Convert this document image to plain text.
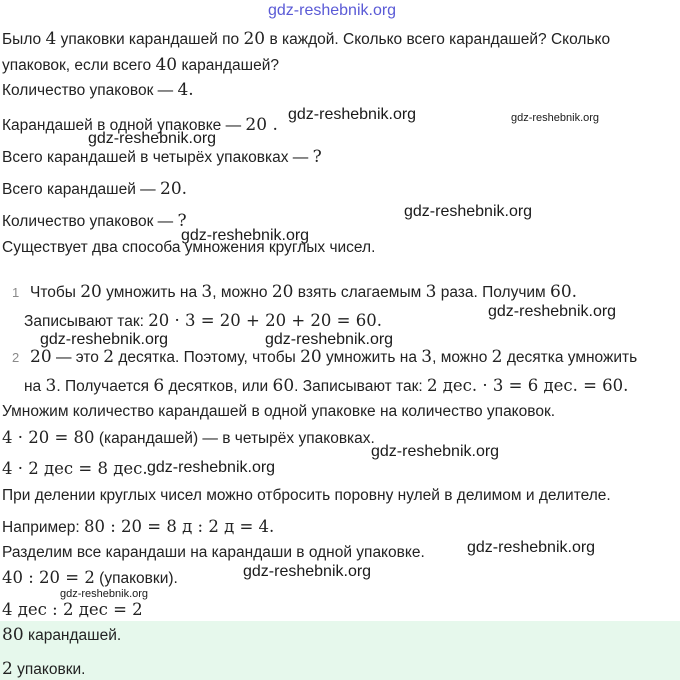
gdz-reshebnik.org
Было 4 упаковки карандашей по 20 в каждой. Сколько всего карандашей? Сколько
упаковок, если всего 40 карандашей?
Количество упаковок — 4.
Карандашей в одной упаковке — 20 .
Всего карандашей в четырёх упаковках — ?
Всего карандашей — 20.
Количество упаковок — ?
Существует два способа умножения круглых чисел.
1 Чтобы 20 умножить на 3, можно 20 взять слагаемым 3 раза. Получим 60.
Записывают так: 20 · 3 = 20 + 20 + 20 = 60.
2 20 — это 2 десятка. Поэтому, чтобы 20 умножить на 3, можно 2 десятка умножить
на 3. Получается 6 десятков, или 60. Записывают так: 2 дес. · 3 = 6 дес. = 60.
Умножим количество карандашей в одной упаковке на количество упаковок.
4 · 20 = 80 (карандашей) — в четырёх упаковках.
4 · 2 дес = 8 дес.
При делении круглых чисел можно отбросить поровну нулей в делимом и делителе.
Например: 80 : 20 = 8 д : 2 д = 4.
Разделим все карандаши на карандаши в одной упаковке.
40 : 20 = 2 (упаковки).
4 дес : 2 дес = 2
80 карандашей.
2 упаковки.
gdz-reshebnik.org	gdz-reshebnik.org
gdz-reshebnik.org
gdz-reshebnik.org
gdz-reshebnik.org
gdz-reshebnik.org
gdz-reshebnik.org	gdz-reshebnik.org
gdz-reshebnik.org
gdz-reshebnik.org
gdz-reshebnik.org
gdz-reshebnik.org
gdz-reshebnik.org
